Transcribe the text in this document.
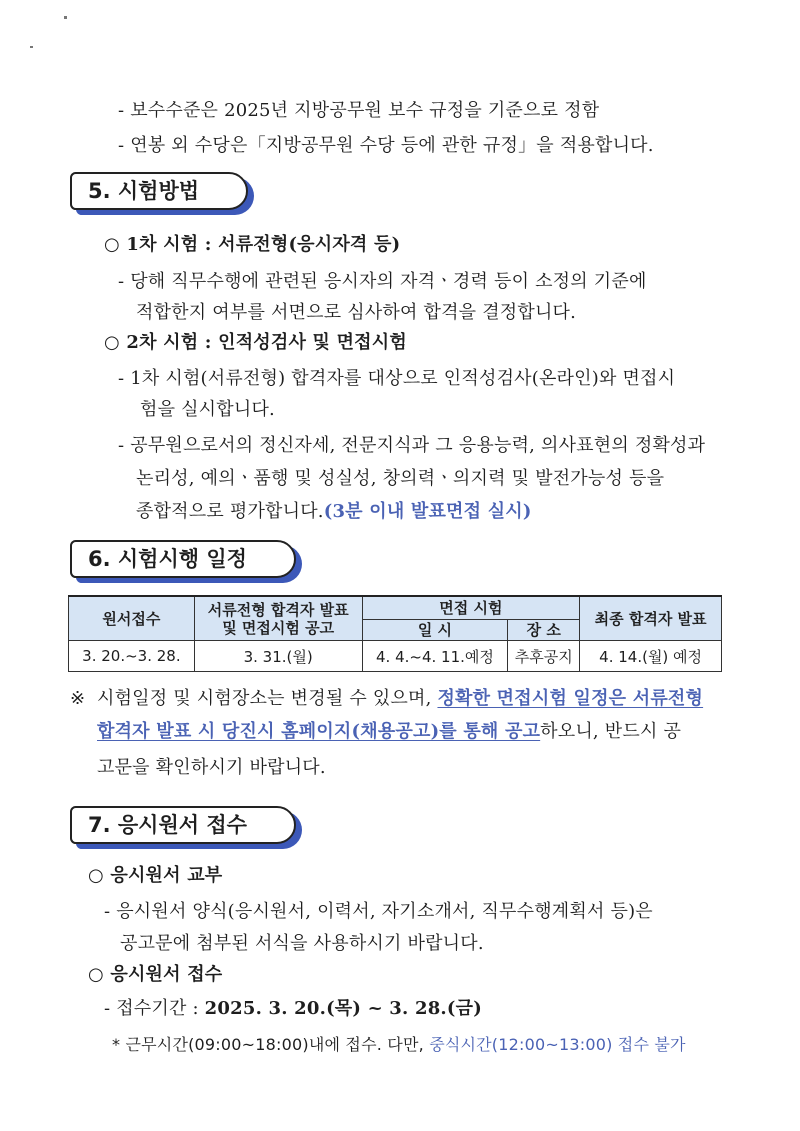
- 보수수준은 2025년 지방공무원 보수 규정을 기준으로 정함
- 연봉 외 수당은「지방공무원 수당 등에 관한 규정」을 적용합니다.
5. 시험방법
○ 1차 시험 : 서류전형(응시자격 등)
- 당해 직무수행에 관련된 응시자의 자격ㆍ경력 등이 소정의 기준에
적합한지 여부를 서면으로 심사하여 합격을 결정합니다.
○ 2차 시험 : 인적성검사 및 면접시험
- 1차 시험(서류전형) 합격자를 대상으로 인적성검사(온라인)와 면접시
험을 실시합니다.
- 공무원으로서의 정신자세, 전문지식과 그 응용능력, 의사표현의 정확성과
논리성, 예의ㆍ품행 및 성실성, 창의력ㆍ의지력 및 발전가능성 등을
종합적으로 평가합니다.(3분 이내 발표면접 실시)
6. 시험시행 일정
원서접수	서류전형 합격자 발표
및 면접시험 공고	면접 시험		최종 합격자 발표
		일 시	장 소	
3. 20.~3. 28.	3. 31.(월)	4. 4.~4. 11.예정	추후공지	4. 14.(월) 예정
※ 시험일정 및 시험장소는 변경될 수 있으며, 정확한 면접시험 일정은 서류전형
합격자 발표 시 당진시 홈페이지(채용공고)를 통해 공고하오니, 반드시 공
고문을 확인하시기 바랍니다.
7. 응시원서 접수
○ 응시원서 교부
- 응시원서 양식(응시원서, 이력서, 자기소개서, 직무수행계획서 등)은
공고문에 첨부된 서식을 사용하시기 바랍니다.
○ 응시원서 접수
- 접수기간 : 2025. 3. 20.(목) ~ 3. 28.(금)
* 근무시간(09:00~18:00)내에 접수. 다만, 중식시간(12:00~13:00) 접수 불가
